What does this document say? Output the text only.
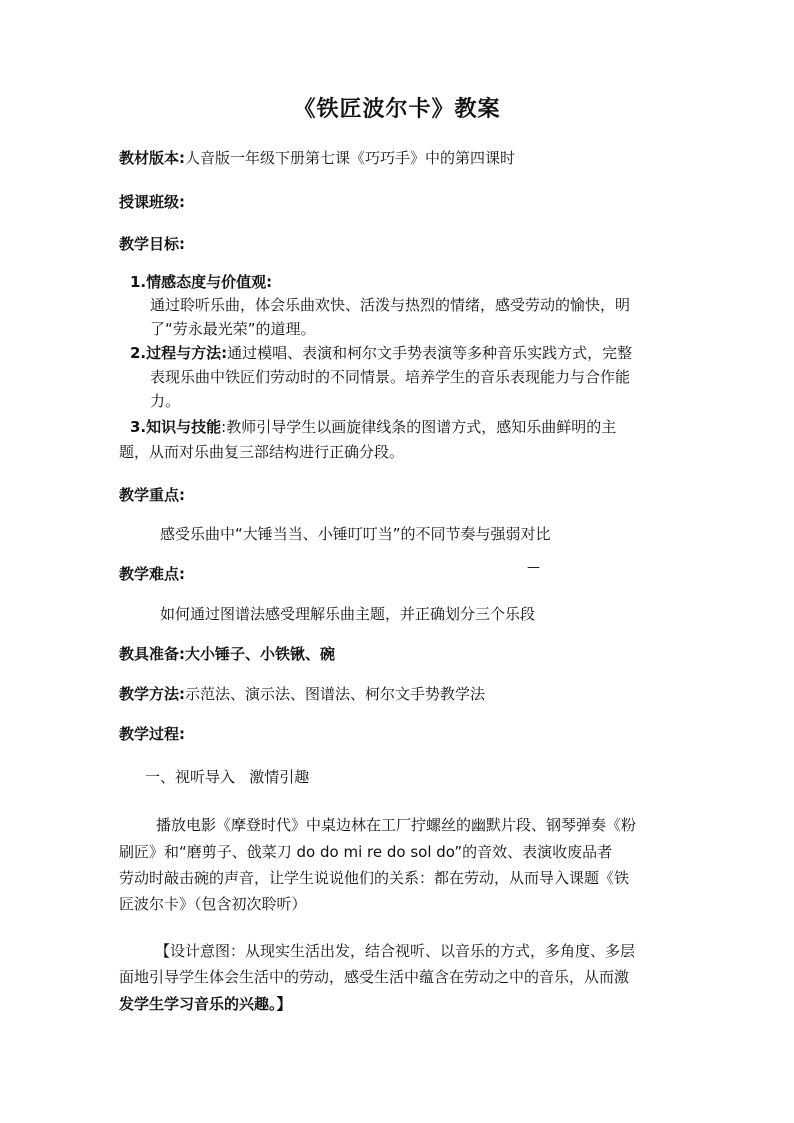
《铁匠波尔卡》教案
教材版本:人音版一年级下册第七课《巧巧手》中的第四课时
授课班级:
教学目标:
1.情感态度与价值观:
通过聆听乐曲，体会乐曲欢快、活泼与热烈的情绪，感受劳动的愉快，明
了“劳永最光荣”的道理。
2.过程与方法:通过模唱、表演和柯尔文手势表演等多种音乐实践方式，完整
表现乐曲中铁匠们劳动时的不同情景。培养学生的音乐表现能力与合作能
力。
3.知识与技能:教师引导学生以画旋律线条的图谱方式，感知乐曲鲜明的主
题，从而对乐曲复三部结构进行正确分段。
教学重点:
感受乐曲中“大锤当当、小锤叮叮当”的不同节奏与强弱对比
—
教学难点:
如何通过图谱法感受理解乐曲主题，并正确划分三个乐段
教具准备:大小锤子、小铁锹、碗
教学方法:示范法、演示法、图谱法、柯尔文手势教学法
教学过程:
一、视听导入   激情引趣
播放电影《摩登时代》中桌边林在工厂拧螺丝的幽默片段、钢琴弹奏《粉
刷匠》和“磨剪子、戗菜刀 do do mi re do sol do”的音效、表演收废品者
劳动时敲击碗的声音，让学生说说他们的关系：都在劳动，从而导入课题《铁
匠波尔卡》（包含初次聆听）
【设计意图：从现实生活出发，结合视听、以音乐的方式，多角度、多层
面地引导学生体会生活中的劳动，感受生活中蕴含在劳动之中的音乐，从而激
发学生学习音乐的兴趣。】
